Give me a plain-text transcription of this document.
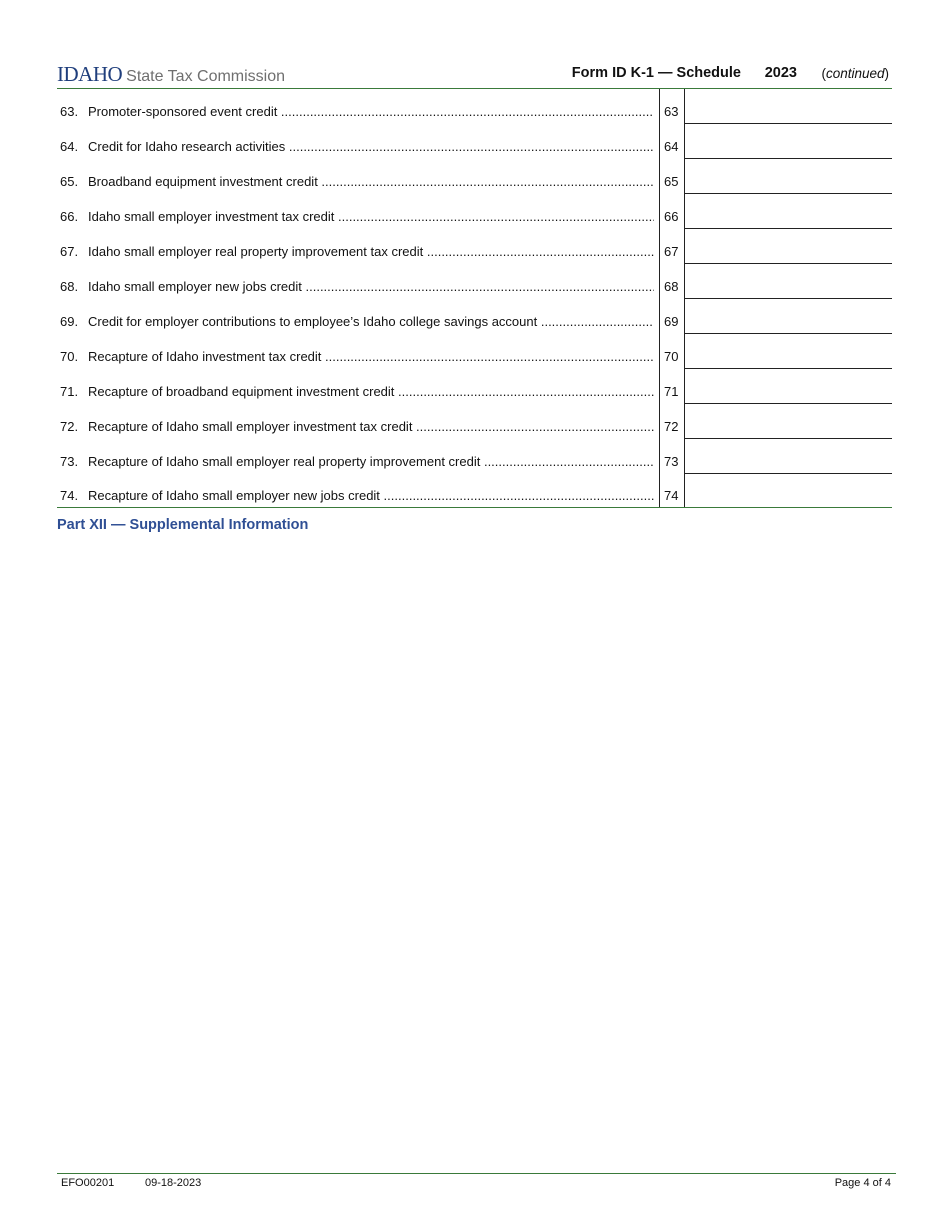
IDAHO State Tax Commission	Form ID K-1 — Schedule 2023 (continued)
63. Promoter-sponsored event credit .....	63
64. Credit for Idaho research activities .....	64
65. Broadband equipment investment credit .....	65
66. Idaho small employer investment tax credit .....	66
67. Idaho small employer real property improvement tax credit .....	67
68. Idaho small employer new jobs credit .....	68
69. Credit for employer contributions to employee’s Idaho college savings account .....	69
70. Recapture of Idaho investment tax credit .....	70
71. Recapture of broadband equipment investment credit .....	71
72. Recapture of Idaho small employer investment tax credit .....	72
73. Recapture of Idaho small employer real property improvement credit .....	73
74. Recapture of Idaho small employer new jobs credit .....	74
Part XII — Supplemental Information
EFO00201	09-18-2023	Page 4 of 4
